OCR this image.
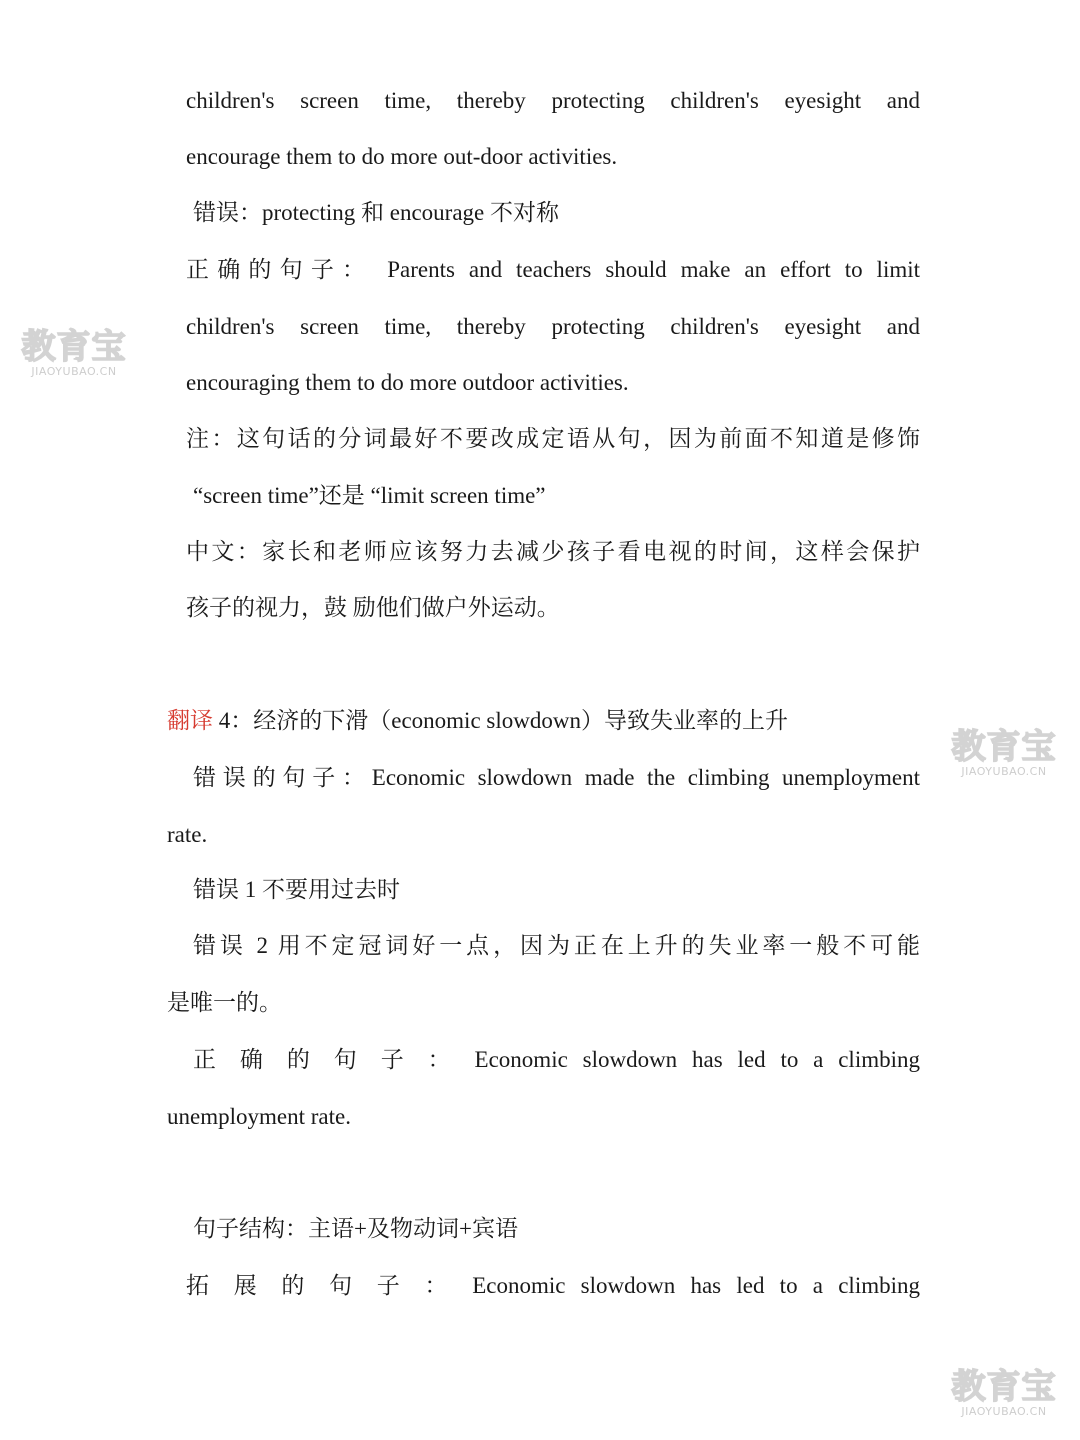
教育宝
JIAOYUBAO.CN
教育宝
JIAOYUBAO.CN
教育宝
JIAOYUBAO.CN
children's screen time, thereby protecting children's eyesight and
encourage them to do more out-door activities.
错误：protecting 和 encourage 不对称
正确的句子： Parents and teachers should make an effort to limit
children's screen time, thereby protecting children's eyesight and
encouraging them to do more outdoor activities.
注：这句话的分词最好不要改成定语从句，因为前面不知道是修饰
“screen time”还是 “limit screen time”
中文：家长和老师应该努力去减少孩子看电视的时间，这样会保护
孩子的视力，鼓 励他们做户外运动。
翻译 4：经济的下滑（economic slowdown）导致失业率的上升
错误的句子：Economic slowdown made the climbing unemployment
rate.
错误 1 不要用过去时
错误 2 用不定冠词好一点，因为正在上升的失业率一般不可能
是唯一的。
正 确 的 句 子 ： Economic slowdown has led to a climbing
unemployment rate.
句子结构：主语+及物动词+宾语
拓 展 的 句 子 ： Economic slowdown has led to a climbing
